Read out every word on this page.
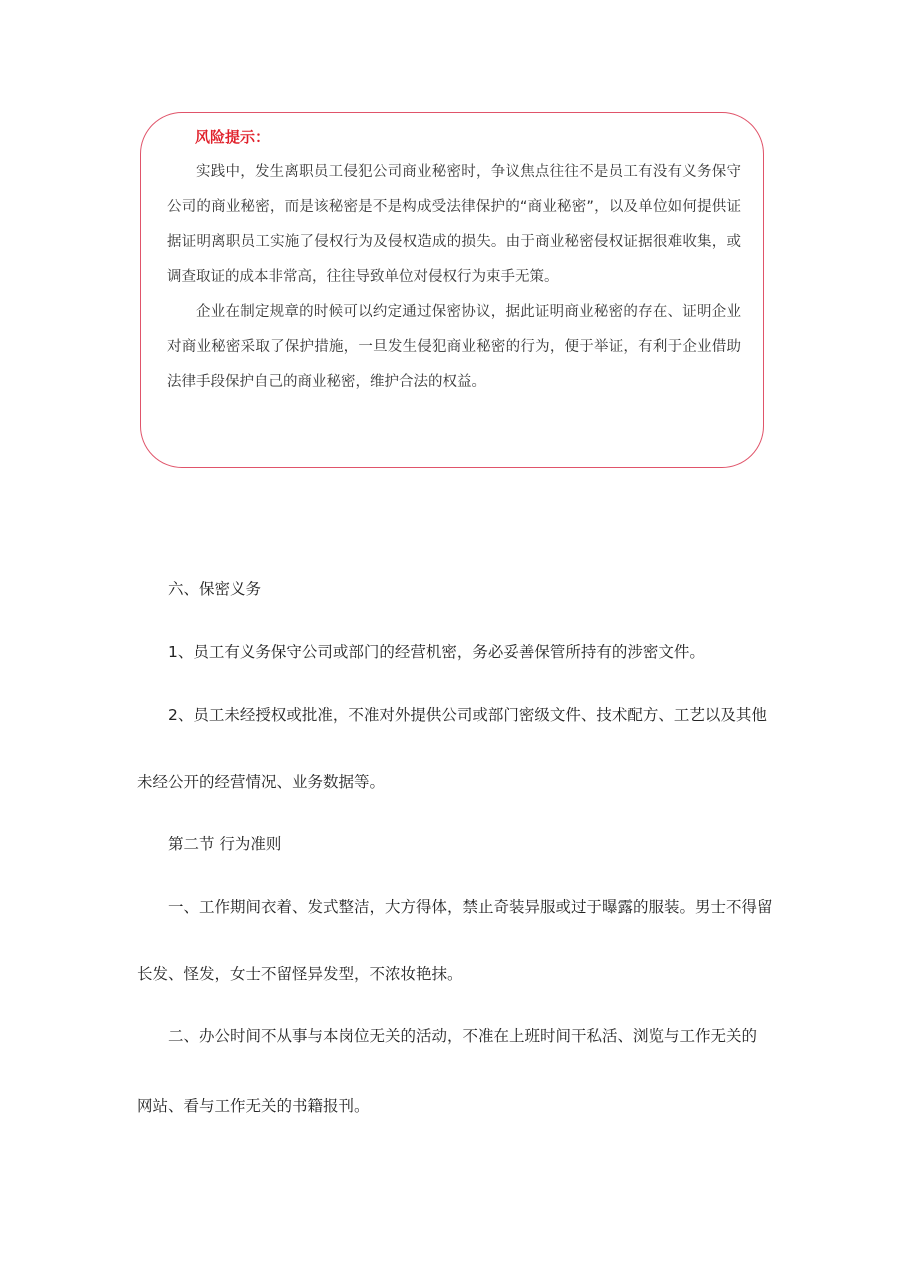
风险提示：

实践中，发生离职员工侵犯公司商业秘密时，争议焦点往往不是员工有没有义务保守公司的商业秘密，而是该秘密是不是构成受法律保护的“商业秘密”，以及单位如何提供证据证明离职员工实施了侵权行为及侵权造成的损失。由于商业秘密侵权证据很难收集，或调查取证的成本非常高，往往导致单位对侵权行为束手无策。

企业在制定规章的时候可以约定通过保密协议，据此证明商业秘密的存在、证明企业对商业秘密采取了保护措施，一旦发生侵犯商业秘密的行为，便于举证，有利于企业借助法律手段保护自己的商业秘密，维护合法的权益。

六、保密义务
1、员工有义务保守公司或部门的经营机密，务必妥善保管所持有的涉密文件。
2、员工未经授权或批准，不准对外提供公司或部门密级文件、技术配方、工艺以及其他
未经公开的经营情况、业务数据等。
第二节 行为准则
一、工作期间衣着、发式整洁，大方得体，禁止奇装异服或过于曝露的服装。男士不得留
长发、怪发，女士不留怪异发型，不浓妆艳抹。
二、办公时间不从事与本岗位无关的活动，不准在上班时间干私活、浏览与工作无关的
网站、看与工作无关的书籍报刊。
